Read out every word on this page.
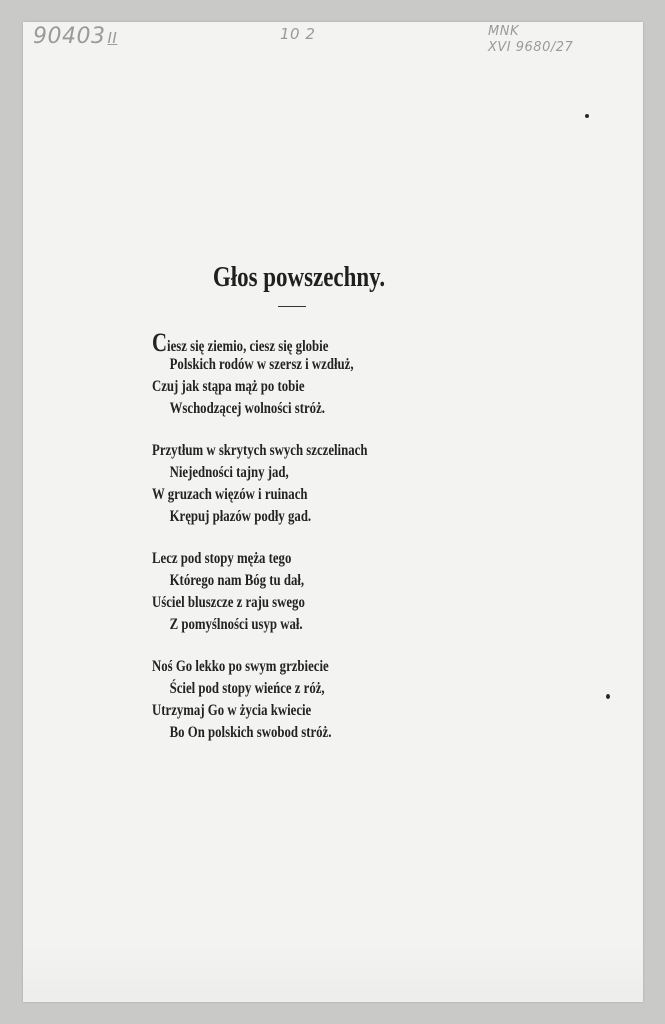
90403 II	10 2	MNK
XVI 9680/27
Głos powszechny.
Ciesz się ziemio, ciesz się globie
Polskich rodów w szersz i wzdłuż,
Czuj jak stąpa mąż po tobie
Wschodzącej wolności stróż.
Przytłum w skrytych swych szczelinach
Niejedności tajny jad,
W gruzach więzów i ruinach
Krępuj płazów podły gad.
Lecz pod stopy męża tego
Którego nam Bóg tu dał,
Uściel bluszcze z raju swego
Z pomyślności usyp wał.
Noś Go lekko po swym grzbiecie
Ściel pod stopy wieńce z róż,
Utrzymaj Go w życia kwiecie
Bo On polskich swobod stróż.
